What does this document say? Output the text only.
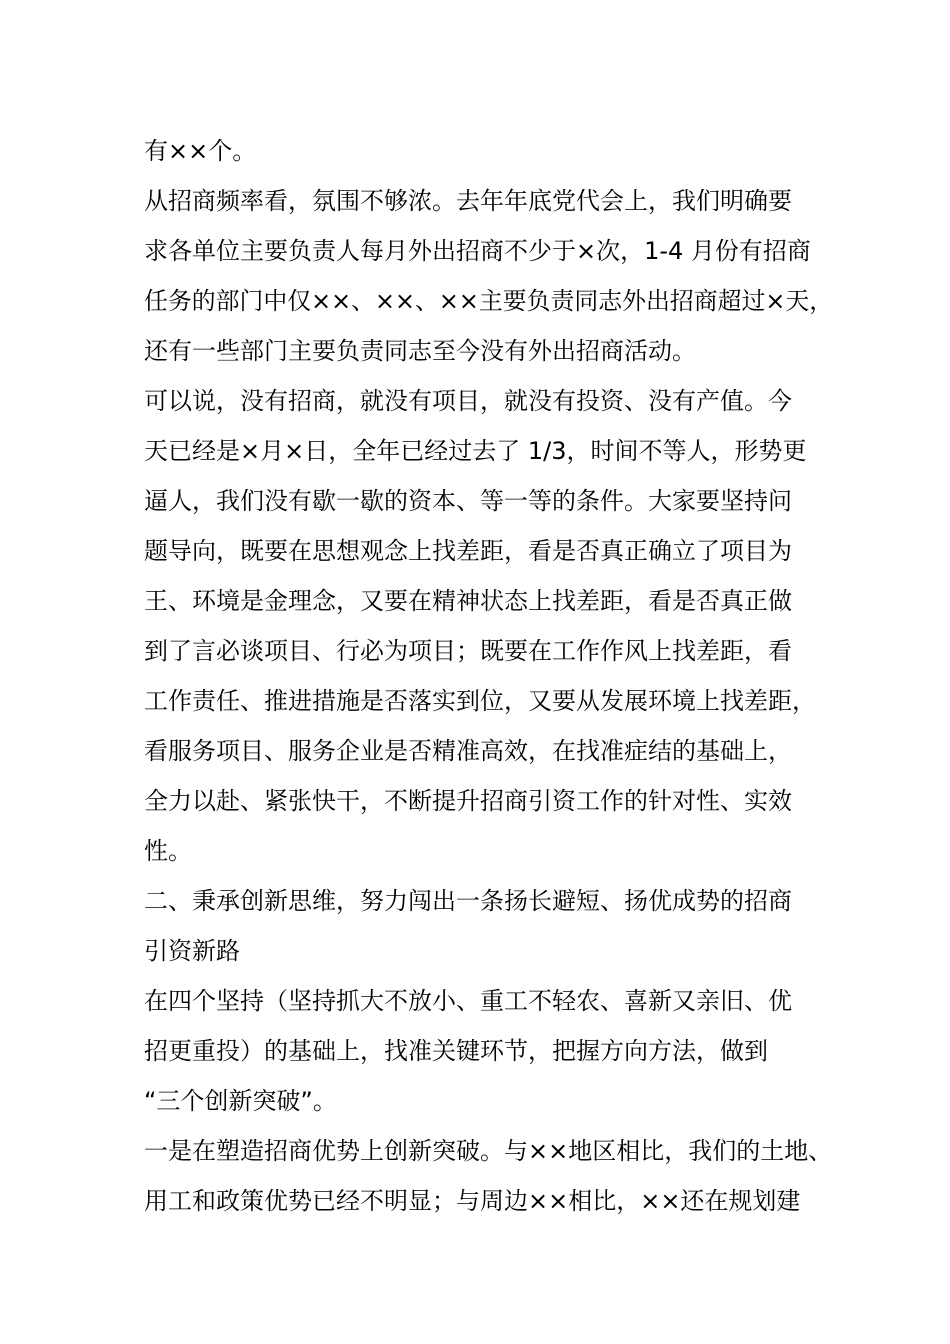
有××个。
从招商频率看，氛围不够浓。去年年底党代会上，我们明确要
求各单位主要负责人每月外出招商不少于×次，1-4 月份有招商
任务的部门中仅××、××、××主要负责同志外出招商超过×天，
还有一些部门主要负责同志至今没有外出招商活动。
可以说，没有招商，就没有项目，就没有投资、没有产值。今
天已经是×月×日，全年已经过去了 1/3，时间不等人，形势更
逼人，我们没有歇一歇的资本、等一等的条件。大家要坚持问
题导向，既要在思想观念上找差距，看是否真正确立了项目为
王、环境是金理念，又要在精神状态上找差距，看是否真正做
到了言必谈项目、行必为项目；既要在工作作风上找差距，看
工作责任、推进措施是否落实到位，又要从发展环境上找差距，
看服务项目、服务企业是否精准高效，在找准症结的基础上，
全力以赴、紧张快干，不断提升招商引资工作的针对性、实效
性。
二、秉承创新思维，努力闯出一条扬长避短、扬优成势的招商
引资新路
在四个坚持（坚持抓大不放小、重工不轻农、喜新又亲旧、优
招更重投）的基础上，找准关键环节，把握方向方法，做到
“三个创新突破”。
一是在塑造招商优势上创新突破。与××地区相比，我们的土地、
用工和政策优势已经不明显；与周边××相比，××还在规划建
